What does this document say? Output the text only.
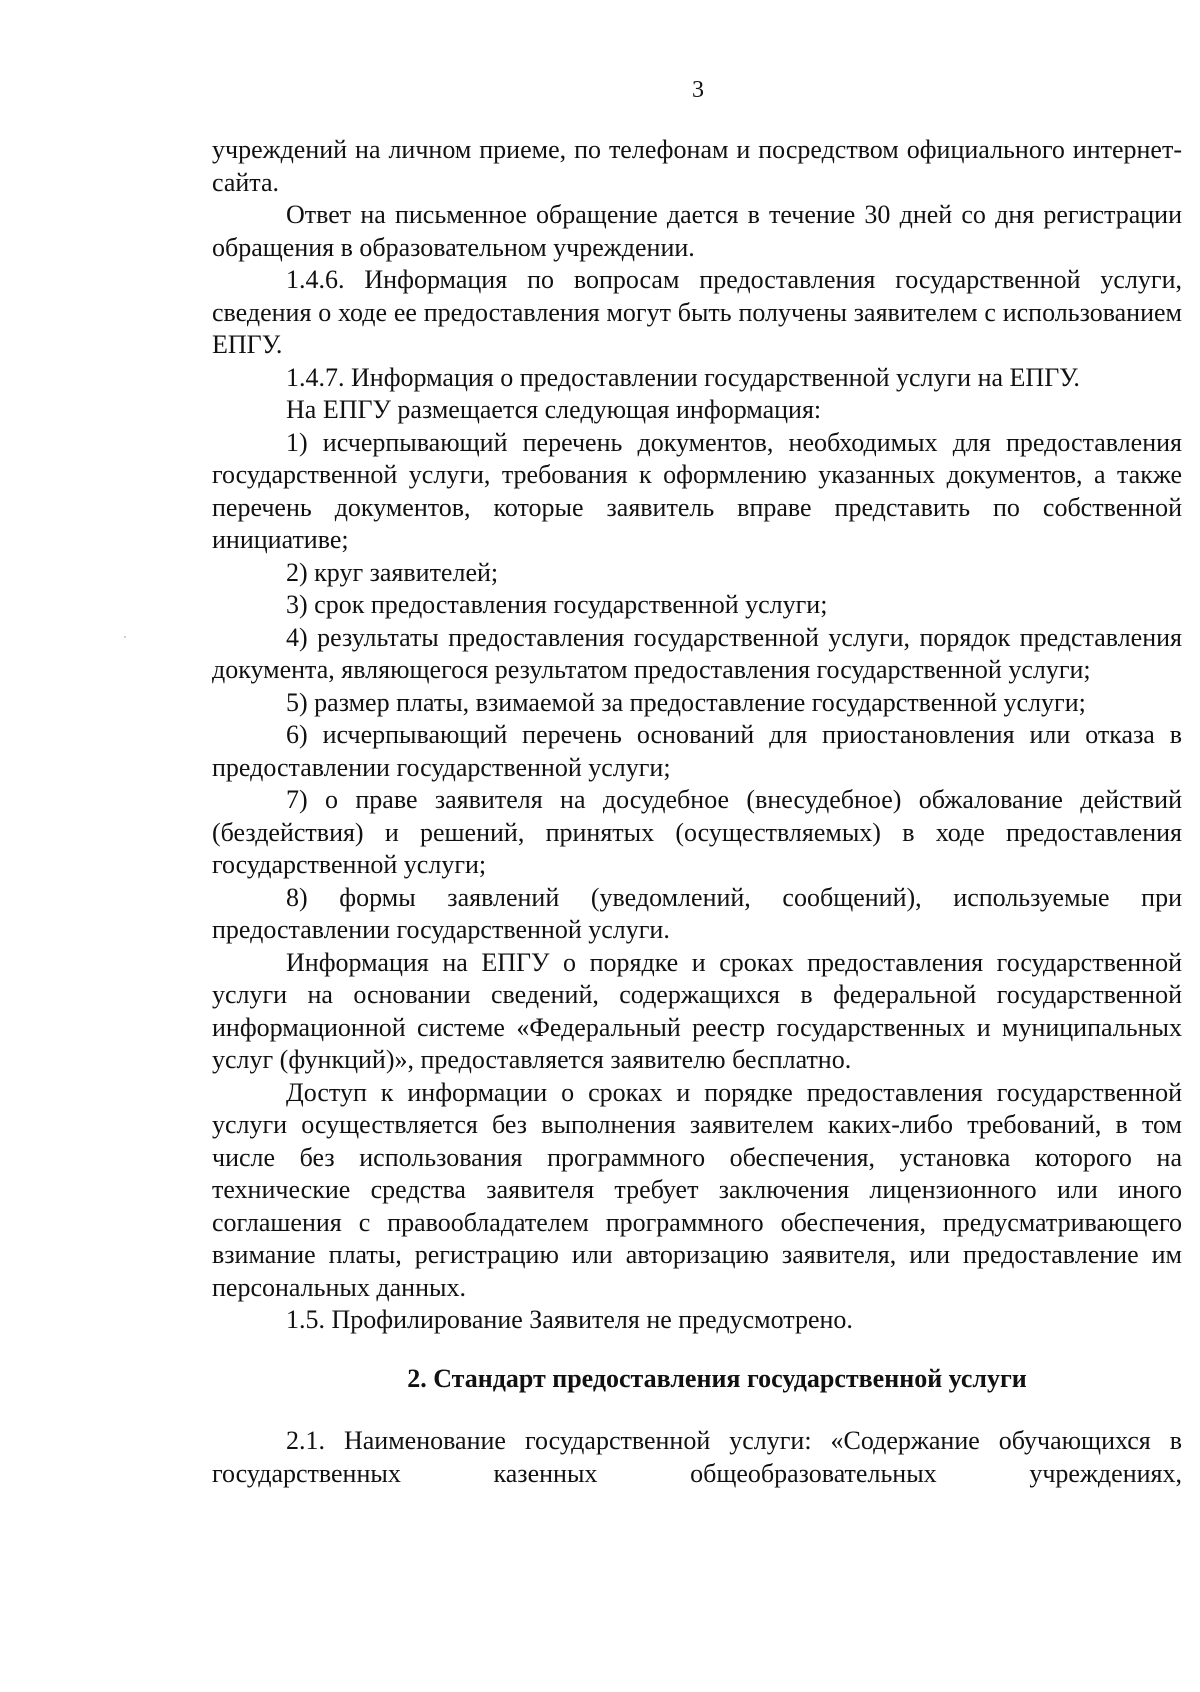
3

учреждений на личном приеме, по телефонам и посредством официального интернет-сайта.

Ответ на письменное обращение дается в течение 30 дней со дня регистрации обращения в образовательном учреждении.

1.4.6. Информация по вопросам предоставления государственной услуги, сведения о ходе ее предоставления могут быть получены заявителем с использованием ЕПГУ.

1.4.7. Информация о предоставлении государственной услуги на ЕПГУ.

На ЕПГУ размещается следующая информация:

1) исчерпывающий перечень документов, необходимых для предоставления государственной услуги, требования к оформлению указанных документов, а также перечень документов, которые заявитель вправе представить по собственной инициативе;

2) круг заявителей;

3) срок предоставления государственной услуги;

4) результаты предоставления государственной услуги, порядок представления документа, являющегося результатом предоставления государственной услуги;

5) размер платы, взимаемой за предоставление государственной услуги;

6) исчерпывающий перечень оснований для приостановления или отказа в предоставлении государственной услуги;

7) о праве заявителя на досудебное (внесудебное) обжалование действий (бездействия) и решений, принятых (осуществляемых) в ходе предоставления государственной услуги;

8) формы заявлений (уведомлений, сообщений), используемые при предоставлении государственной услуги.

Информация на ЕПГУ о порядке и сроках предоставления государственной услуги на основании сведений, содержащихся в федеральной государственной информационной системе «Федеральный реестр государственных и муниципальных услуг (функций)», предоставляется заявителю бесплатно.

Доступ к информации о сроках и порядке предоставления государственной услуги осуществляется без выполнения заявителем каких-либо требований, в том числе без использования программного обеспечения, установка которого на технические средства заявителя требует заключения лицензионного или иного соглашения с правообладателем программного обеспечения, предусматривающего взимание платы, регистрацию или авторизацию заявителя, или предоставление им персональных данных.

1.5. Профилирование Заявителя не предусмотрено.

2. Стандарт предоставления государственной услуги

2.1. Наименование государственной услуги: «Содержание обучающихся в государственных казенных общеобразовательных учреждениях,
